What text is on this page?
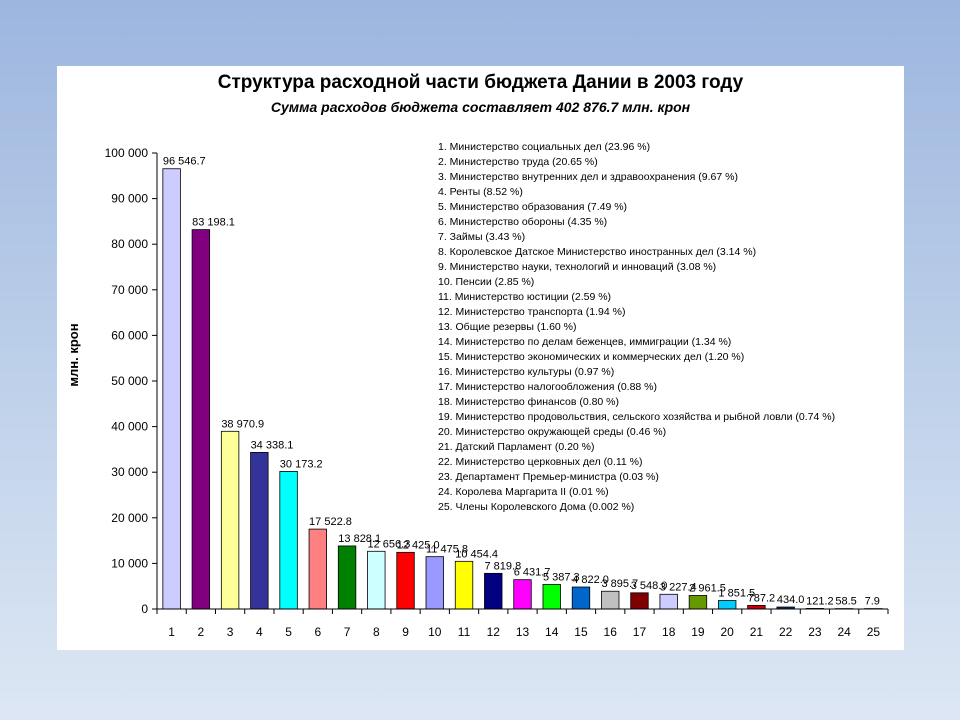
Структура расходной части бюджета Дании в 2003 году
Сумма расходов бюджета составляет 402 876.7 млн. крон
0
10 000
20 000
30 000
40 000
50 000
60 000
70 000
80 000
90 000
100 000
96 546.7
83 198.1
38 970.9
34 338.1
30 173.2
17 522.8
13 828.1
12 656.3
12 425.0
11 475.8
10 454.4
7 819.8
6 431.7
5 387.3
4 822.0
3 895.7
3 548.0
3 227.4
2 961.5
1 851.5
787.2 434.0 121.2 58.5 7.9
1 2 3 4 5 6 7 8 9 10 11 12 13 14 15 16 17 18 19 20 21 22 23 24 25
млн. крон
1. Министерство социальных дел (23.96 %)
2. Министерство труда (20.65 %)
3. Министерство внутренних дел и здравоохранения (9.67 %)
4. Ренты (8.52 %)
5. Министерство образования (7.49 %)
6. Министерство обороны (4.35 %)
7. Займы (3.43 %)
8. Королевское Датское Министерство иностранных дел (3.14 %)
9. Министерство науки, технологий и инноваций (3.08 %)
10. Пенсии (2.85 %)
11. Министерство юстиции (2.59 %)
12. Министерство транспорта (1.94 %)
13. Общие резервы (1.60 %)
14. Министерство по делам беженцев, иммиграции (1.34 %)
15. Министерство экономических и коммерческих дел (1.20 %)
16. Министерство культуры (0.97 %)
17. Министерство налогообложения (0.88 %)
18. Министерство финансов (0.80 %)
19. Министерство продовольствия, сельского хозяйства и рыбной ловли (0.74 %)
20. Министерство окружающей среды (0.46 %)
21. Датский Парламент (0.20 %)
22. Министерство церковных дел (0.11 %)
23. Департамент Премьер-министра (0.03 %)
24. Королева Маргарита II (0.01 %)
25. Члены Королевского Дома (0.002 %)
